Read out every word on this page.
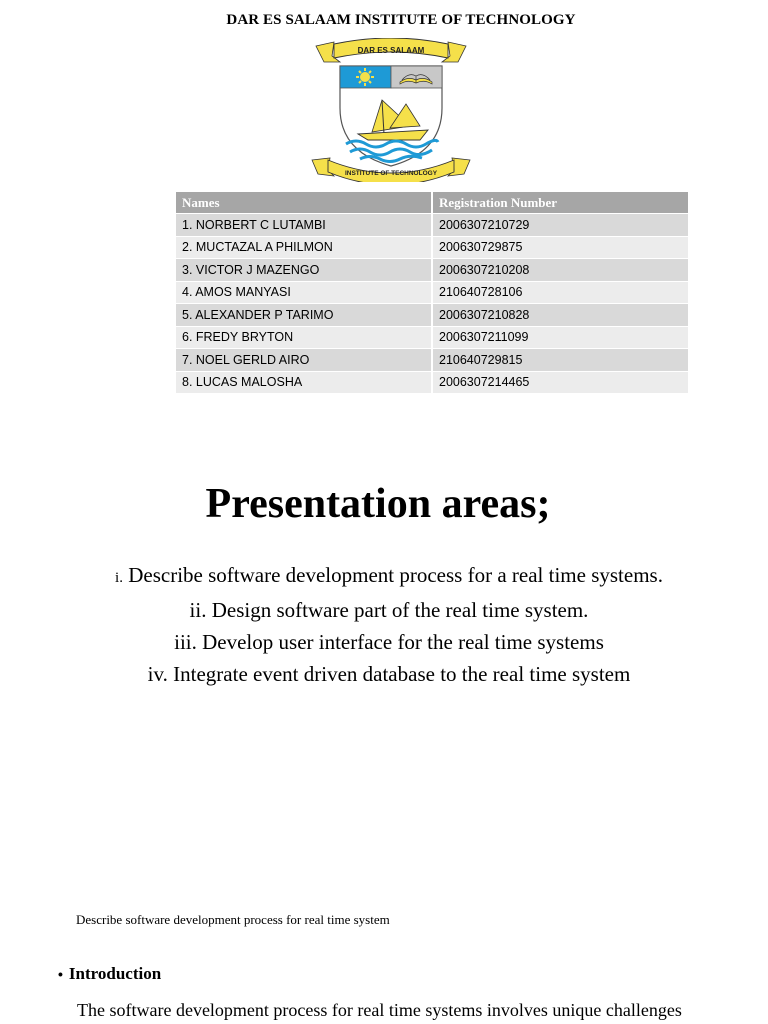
DAR ES SALAAM INSTITUTE OF TECHNOLOGY
DAR ES SALAAM
INSTITUTE OF TECHNOLOGY
Names	Registration Number
1. NORBERT C LUTAMBI	2006307210729
2. MUCTAZAL A PHILMON	200630729875
3. VICTOR J MAZENGO	2006307210208
4. AMOS MANYASI	210640728106
5. ALEXANDER P TARIMO	2006307210828
6. FREDY BRYTON	2006307211099
7. NOEL GERLD AIRO	210640729815
8. LUCAS MALOSHA	2006307214465
Presentation areas;
i. Describe software development process for a real time systems.
ii. Design software part of the real time system.
iii. Develop user interface for the real time systems
iv. Integrate event driven database to the real time system
Describe software development process for real time system
• Introduction
The software development process for real time systems involves unique challenges
